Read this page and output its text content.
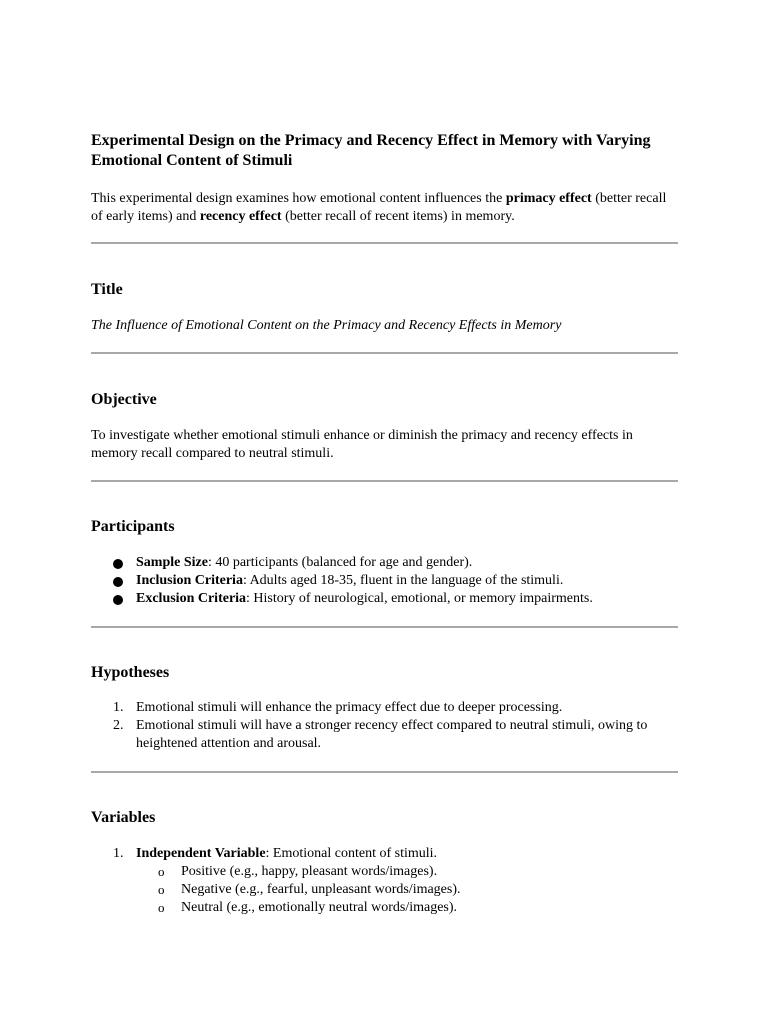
Experimental Design on the Primacy and Recency Effect in Memory with Varying Emotional Content of Stimuli

This experimental design examines how emotional content influences the primacy effect (better recall of early items) and recency effect (better recall of recent items) in memory.

Title

The Influence of Emotional Content on the Primacy and Recency Effects in Memory

Objective

To investigate whether emotional stimuli enhance or diminish the primacy and recency effects in memory recall compared to neutral stimuli.

Participants
Sample Size: 40 participants (balanced for age and gender).
Inclusion Criteria: Adults aged 18-35, fluent in the language of the stimuli.
Exclusion Criteria: History of neurological, emotional, or memory impairments.
Hypotheses
1. Emotional stimuli will enhance the primacy effect due to deeper processing.
2. Emotional stimuli will have a stronger recency effect compared to neutral stimuli, owing to heightened attention and arousal.
Variables
1. Independent Variable: Emotional content of stimuli.
o Positive (e.g., happy, pleasant words/images).
o Negative (e.g., fearful, unpleasant words/images).
o Neutral (e.g., emotionally neutral words/images).
